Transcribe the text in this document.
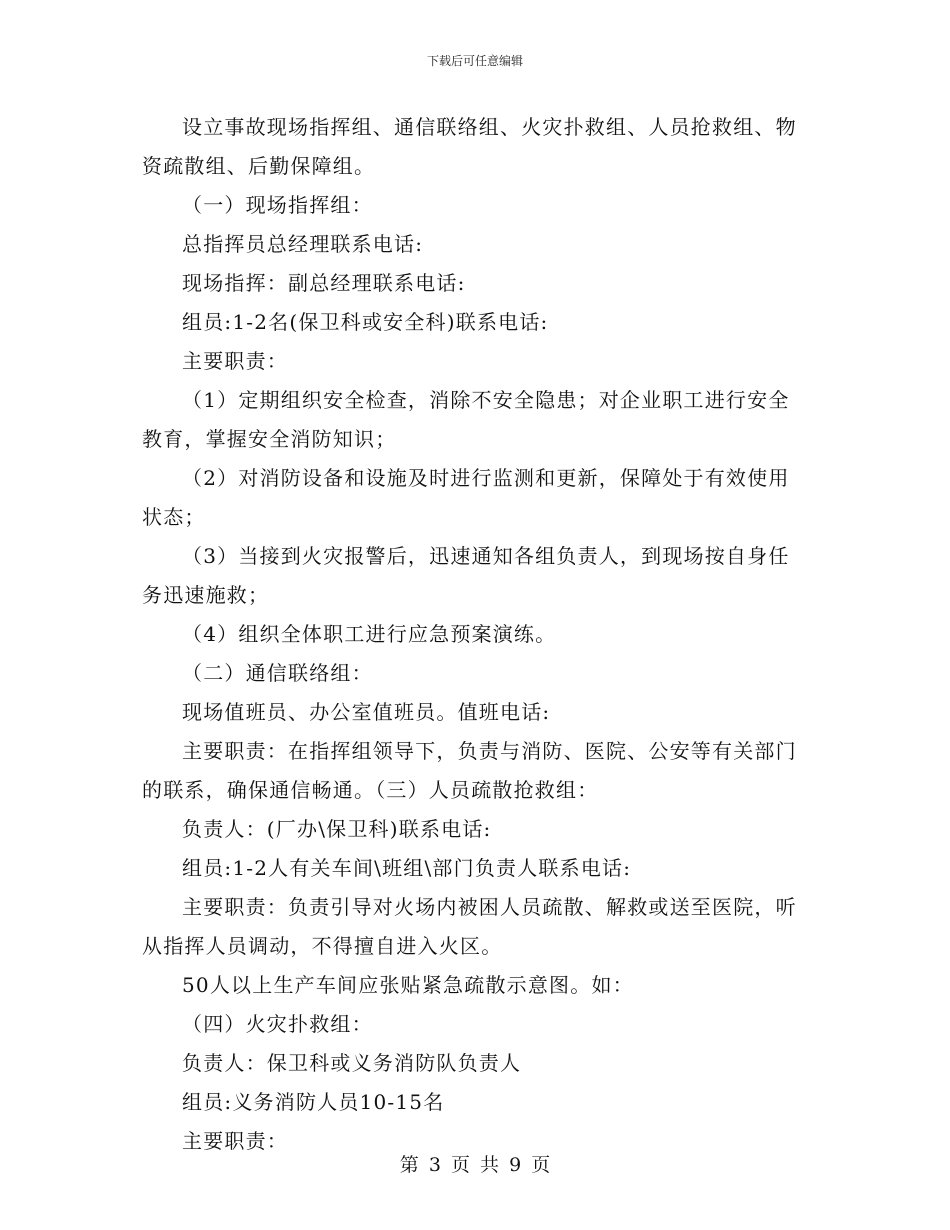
下载后可任意编辑

设立事故现场指挥组、通信联络组、火灾扑救组、人员抢救组、物资疏散组、后勤保障组。

（一）现场指挥组：

总指挥员总经理联系电话:

现场指挥：副总经理联系电话:

组员:1-2名(保卫科或安全科)联系电话:

主要职责：

（1）定期组织安全检查，消除不安全隐患；对企业职工进行安全教育，掌握安全消防知识；

（2）对消防设备和设施及时进行监测和更新，保障处于有效使用状态；

（3）当接到火灾报警后，迅速通知各组负责人，到现场按自身任务迅速施救；

（4）组织全体职工进行应急预案演练。

（二）通信联络组：

现场值班员、办公室值班员。值班电话:

主要职责：在指挥组领导下，负责与消防、医院、公安等有关部门的联系，确保通信畅通。（三）人员疏散抢救组：

负责人：(厂办\保卫科)联系电话:

组员:1-2人有关车间\班组\部门负责人联系电话:

主要职责：负责引导对火场内被困人员疏散、解救或送至医院，听从指挥人员调动，不得擅自进入火区。

50人以上生产车间应张贴紧急疏散示意图。如：

（四）火灾扑救组：

负责人：保卫科或义务消防队负责人

组员:义务消防人员10-15名

主要职责：

第 3 页 共 9 页
